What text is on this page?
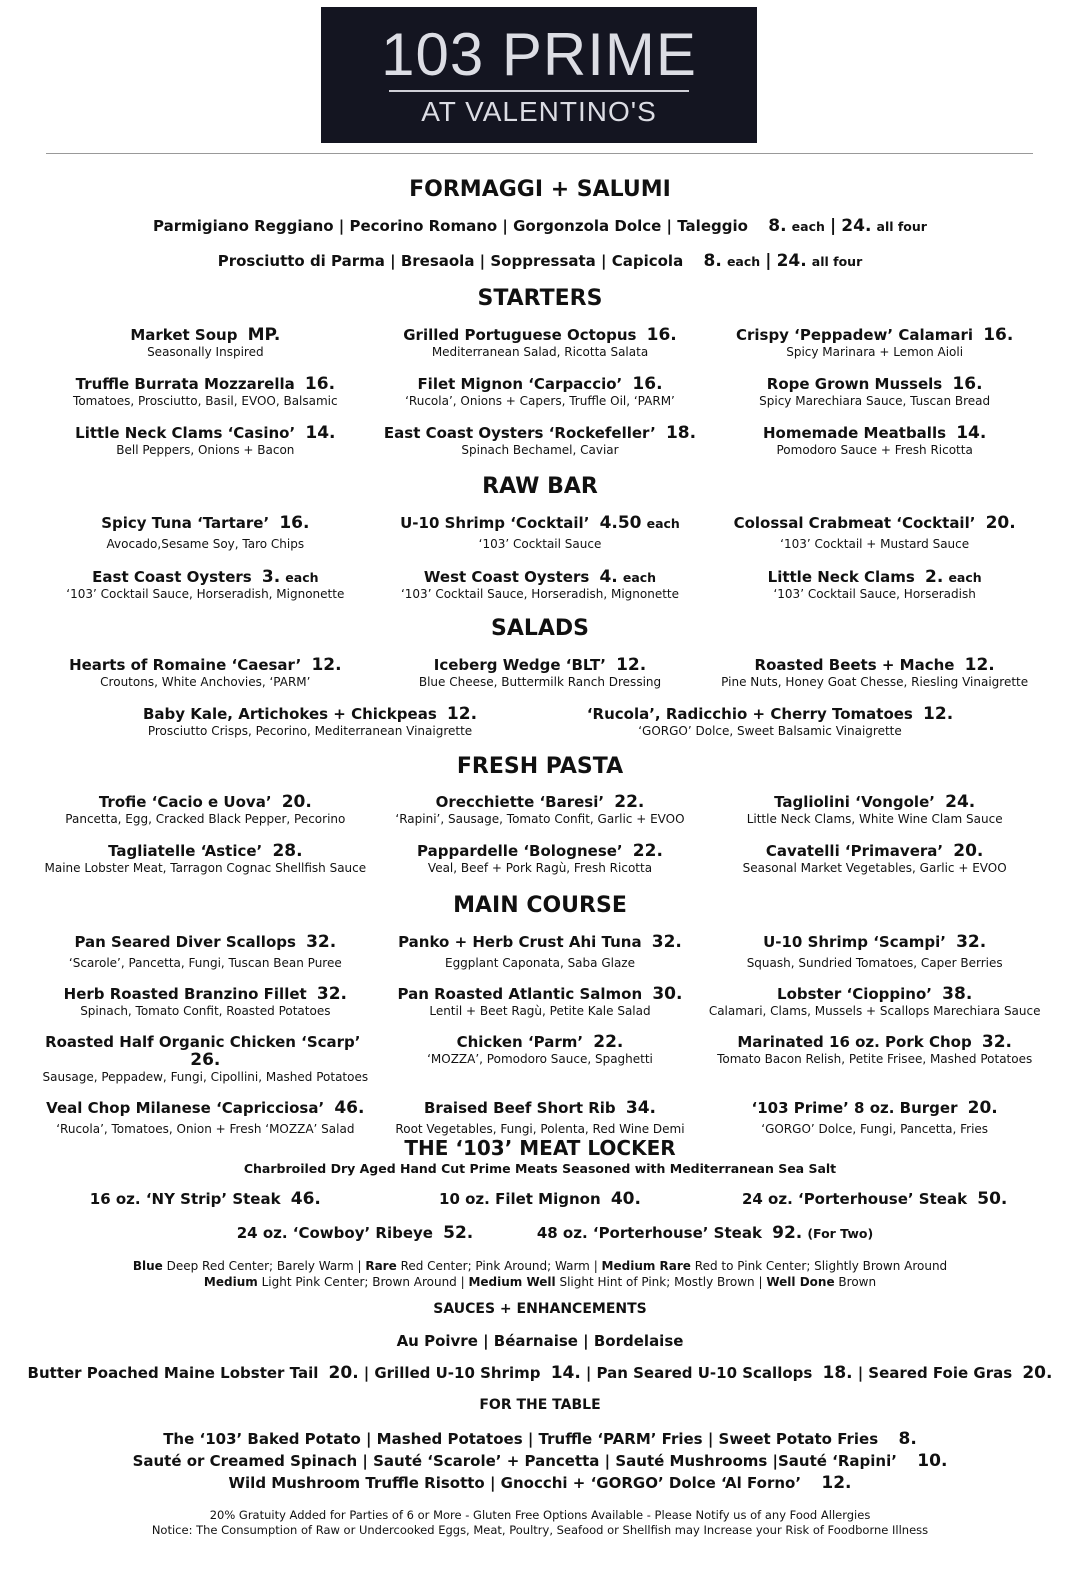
103 PRIME
AT VALENTINO'S
FORMAGGI + SALUMI
Parmigiano Reggiano | Pecorino Romano | Gorgonzola Dolce | Taleggio 8. each | 24. all four
Prosciutto di Parma | Bresaola | Soppressata | Capicola 8. each | 24. all four
STARTERS
Market Soup MP.
Seasonally Inspired
Grilled Portuguese Octopus 16.
Mediterranean Salad, Ricotta Salata
Crispy ‘Peppadew’ Calamari 16.
Spicy Marinara + Lemon Aioli
Truffle Burrata Mozzarella 16.
Tomatoes, Prosciutto, Basil, EVOO, Balsamic
Filet Mignon ‘Carpaccio’ 16.
‘Rucola’, Onions + Capers, Truffle Oil, ‘PARM’
Rope Grown Mussels 16.
Spicy Marechiara Sauce, Tuscan Bread
Little Neck Clams ‘Casino’ 14.
Bell Peppers, Onions + Bacon
East Coast Oysters ‘Rockefeller’ 18.
Spinach Bechamel, Caviar
Homemade Meatballs 14.
Pomodoro Sauce + Fresh Ricotta
RAW BAR
Spicy Tuna ‘Tartare’ 16.
Avocado,Sesame Soy, Taro Chips
U-10 Shrimp ‘Cocktail’ 4.50 each
‘103’ Cocktail Sauce
Colossal Crabmeat ‘Cocktail’ 20.
‘103’ Cocktail + Mustard Sauce
East Coast Oysters 3. each
‘103’ Cocktail Sauce, Horseradish, Mignonette
West Coast Oysters 4. each
‘103’ Cocktail Sauce, Horseradish, Mignonette
Little Neck Clams 2. each
‘103’ Cocktail Sauce, Horseradish
SALADS
Hearts of Romaine ‘Caesar’ 12.
Croutons, White Anchovies, ‘PARM’
Iceberg Wedge ‘BLT’ 12.
Blue Cheese, Buttermilk Ranch Dressing
Roasted Beets + Mache 12.
Pine Nuts, Honey Goat Chesse, Riesling Vinaigrette
Baby Kale, Artichokes + Chickpeas 12.
Prosciutto Crisps, Pecorino, Mediterranean Vinaigrette
‘Rucola’, Radicchio + Cherry Tomatoes 12.
‘GORGO’ Dolce, Sweet Balsamic Vinaigrette
FRESH PASTA
Trofie ‘Cacio e Uova’ 20.
Pancetta, Egg, Cracked Black Pepper, Pecorino
Orecchiette ‘Baresi’ 22.
‘Rapini’, Sausage, Tomato Confit, Garlic + EVOO
Tagliolini ‘Vongole’ 24.
Little Neck Clams, White Wine Clam Sauce
Tagliatelle ‘Astice’ 28.
Maine Lobster Meat, Tarragon Cognac Shellfish Sauce
Pappardelle ‘Bolognese’ 22.
Veal, Beef + Pork Ragù, Fresh Ricotta
Cavatelli ‘Primavera’ 20.
Seasonal Market Vegetables, Garlic + EVOO
MAIN COURSE
Pan Seared Diver Scallops 32.
‘Scarole’, Pancetta, Fungi, Tuscan Bean Puree
Panko + Herb Crust Ahi Tuna 32.
Eggplant Caponata, Saba Glaze
U-10 Shrimp ‘Scampi’ 32.
Squash, Sundried Tomatoes, Caper Berries
Herb Roasted Branzino Fillet 32.
Spinach, Tomato Confit, Roasted Potatoes
Pan Roasted Atlantic Salmon 30.
Lentil + Beet Ragù, Petite Kale Salad
Lobster ‘Cioppino’ 38.
Calamari, Clams, Mussels + Scallops Marechiara Sauce
Roasted Half Organic Chicken ‘Scarp’  26.
Sausage, Peppadew, Fungi, Cipollini, Mashed Potatoes
Chicken ‘Parm’ 22.
‘MOZZA’, Pomodoro Sauce, Spaghetti
Marinated 16 oz. Pork Chop 32.
Tomato Bacon Relish, Petite Frisee, Mashed Potatoes
Veal Chop Milanese ‘Capricciosa’ 46.
‘Rucola’, Tomatoes, Onion + Fresh ‘MOZZA’ Salad
Braised Beef Short Rib 34.
Root Vegetables, Fungi, Polenta, Red Wine Demi
‘103 Prime’ 8 oz. Burger 20.
‘GORGO’ Dolce, Fungi, Pancetta, Fries
THE ‘103’ MEAT LOCKER
Charbroiled Dry Aged Hand Cut Prime Meats Seasoned with Mediterranean Sea Salt
16 oz. ‘NY Strip’ Steak 46.	10 oz. Filet Mignon 40.	24 oz. ‘Porterhouse’ Steak 50.
24 oz. ‘Cowboy’ Ribeye 52.	48 oz. ‘Porterhouse’ Steak 92. (For Two)
Blue Deep Red Center; Barely Warm | Rare Red Center; Pink Around; Warm | Medium Rare Red to Pink Center; Slightly Brown Around
Medium Light Pink Center; Brown Around | Medium Well Slight Hint of Pink; Mostly Brown | Well Done Brown
SAUCES + ENHANCEMENTS
Au Poivre | Béarnaise | Bordelaise
Butter Poached Maine Lobster Tail 20. | Grilled U-10 Shrimp 14. | Pan Seared U-10 Scallops 18. | Seared Foie Gras 20.
FOR THE TABLE
The ‘103’ Baked Potato | Mashed Potatoes | Truffle ‘PARM’ Fries | Sweet Potato Fries 8.
Sauté or Creamed Spinach | Sauté ‘Scarole’ + Pancetta | Sauté Mushrooms |Sauté ‘Rapini’ 10.
Wild Mushroom Truffle Risotto | Gnocchi + ‘GORGO’ Dolce ‘Al Forno’ 12.
20% Gratuity Added for Parties of 6 or More - Gluten Free Options Available - Please Notify us of any Food Allergies
Notice: The Consumption of Raw or Undercooked Eggs, Meat, Poultry, Seafood or Shellfish may Increase your Risk of Foodborne Illness
